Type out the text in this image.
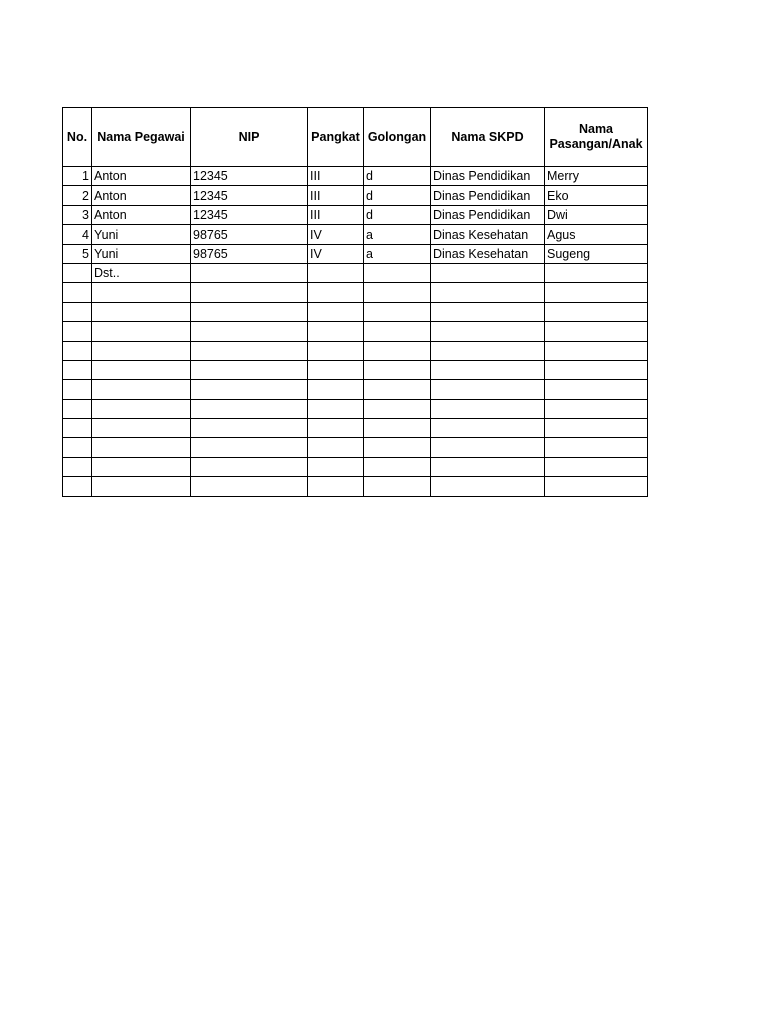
No.	Nama Pegawai	NIP	Pangkat	Golongan	Nama SKPD	Nama Pasangan/Anak
1	Anton	12345	III	d	Dinas Pendidikan	Merry
2	Anton	12345	III	d	Dinas Pendidikan	Eko
3	Anton	12345	III	d	Dinas Pendidikan	Dwi
4	Yuni	98765	IV	a	Dinas Kesehatan	Agus
5	Yuni	98765	IV	a	Dinas Kesehatan	Sugeng
	Dst..					
